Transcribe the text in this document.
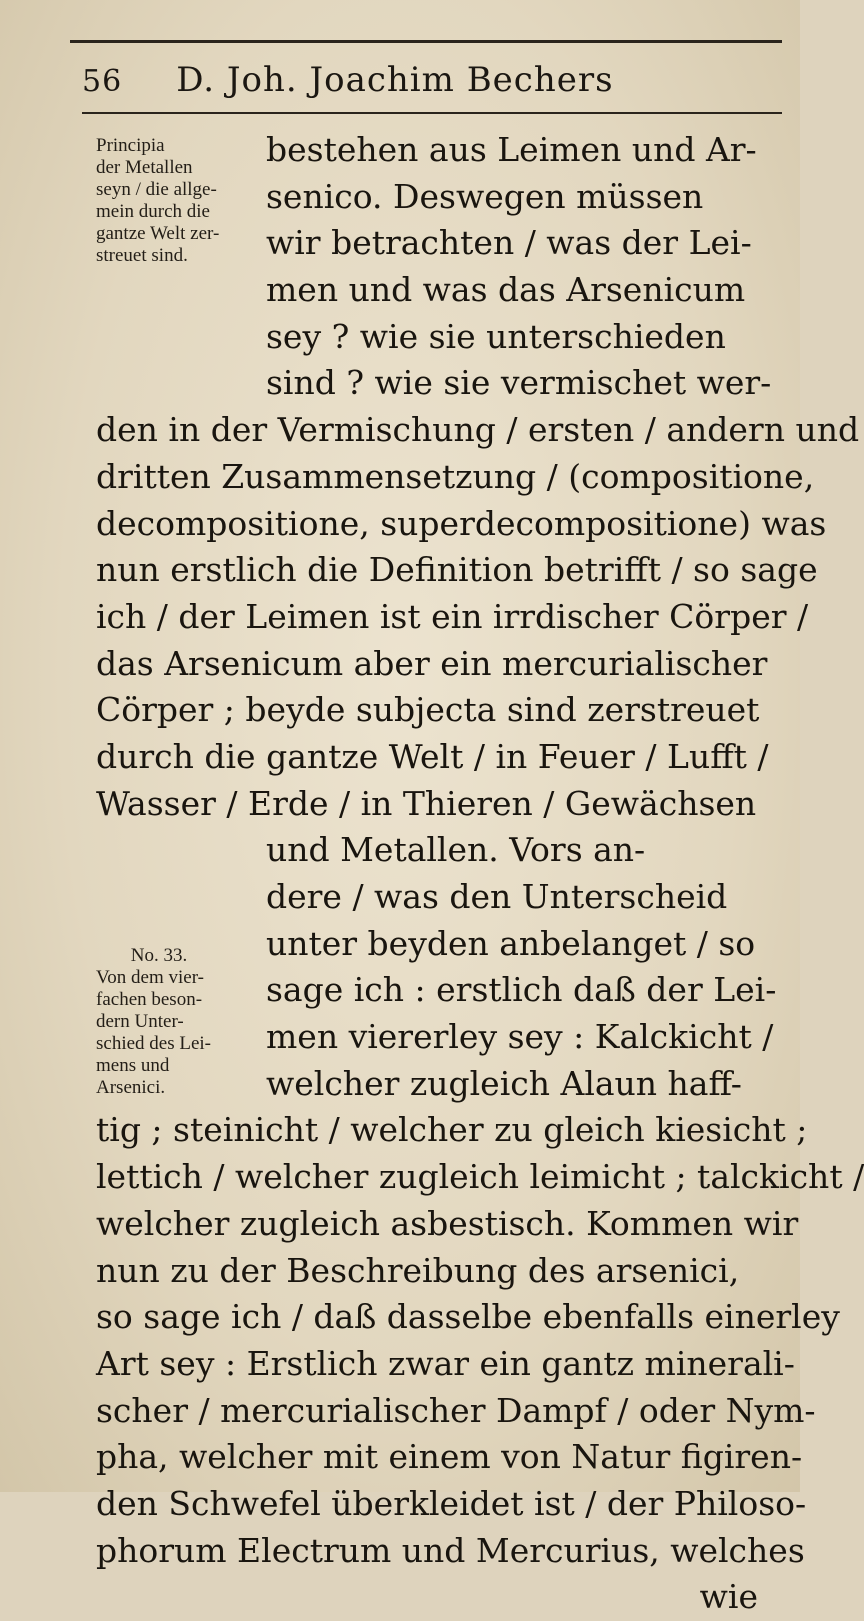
56 D. Joh. Joachim Bechers
Principia
der Metallen
seyn / die allge-
mein durch die
gantze Welt zer-
streuet sind.
No. 33.
Von dem vier-
fachen beson-
dern Unter-
schied des Lei-
mens und
Arsenici.
bestehen aus Leimen und Ar-
senico. Deswegen müssen
wir betrachten / was der Lei-
men und was das Arsenicum
sey ? wie sie unterschieden
sind ? wie sie vermischet wer-
den in der Vermischung / ersten / andern und
dritten Zusammensetzung / (compositione,
decompositione, superdecompositione) was
nun erstlich die Definition betrifft / so sage
ich / der Leimen ist ein irrdischer Cörper /
das Arsenicum aber ein mercurialischer
Cörper ; beyde subjecta sind zerstreuet
durch die gantze Welt / in Feuer / Lufft /
Wasser / Erde / in Thieren / Gewächsen
und Metallen. Vors an-
dere / was den Unterscheid
unter beyden anbelanget / so
sage ich : erstlich daß der Lei-
men viererley sey : Kalckicht /
welcher zugleich Alaun haff-
tig ; steinicht / welcher zu gleich kiesicht ;
lettich / welcher zugleich leimicht ; talckicht /
welcher zugleich asbestisch. Kommen wir
nun zu der Beschreibung des arsenici,
so sage ich / daß dasselbe ebenfalls einerley
Art sey : Erstlich zwar ein gantz minerali-
scher / mercurialischer Dampf / oder Nym-
pha, welcher mit einem von Natur figiren-
den Schwefel überkleidet ist / der Philoso-
phorum Electrum und Mercurius, welches
wie
